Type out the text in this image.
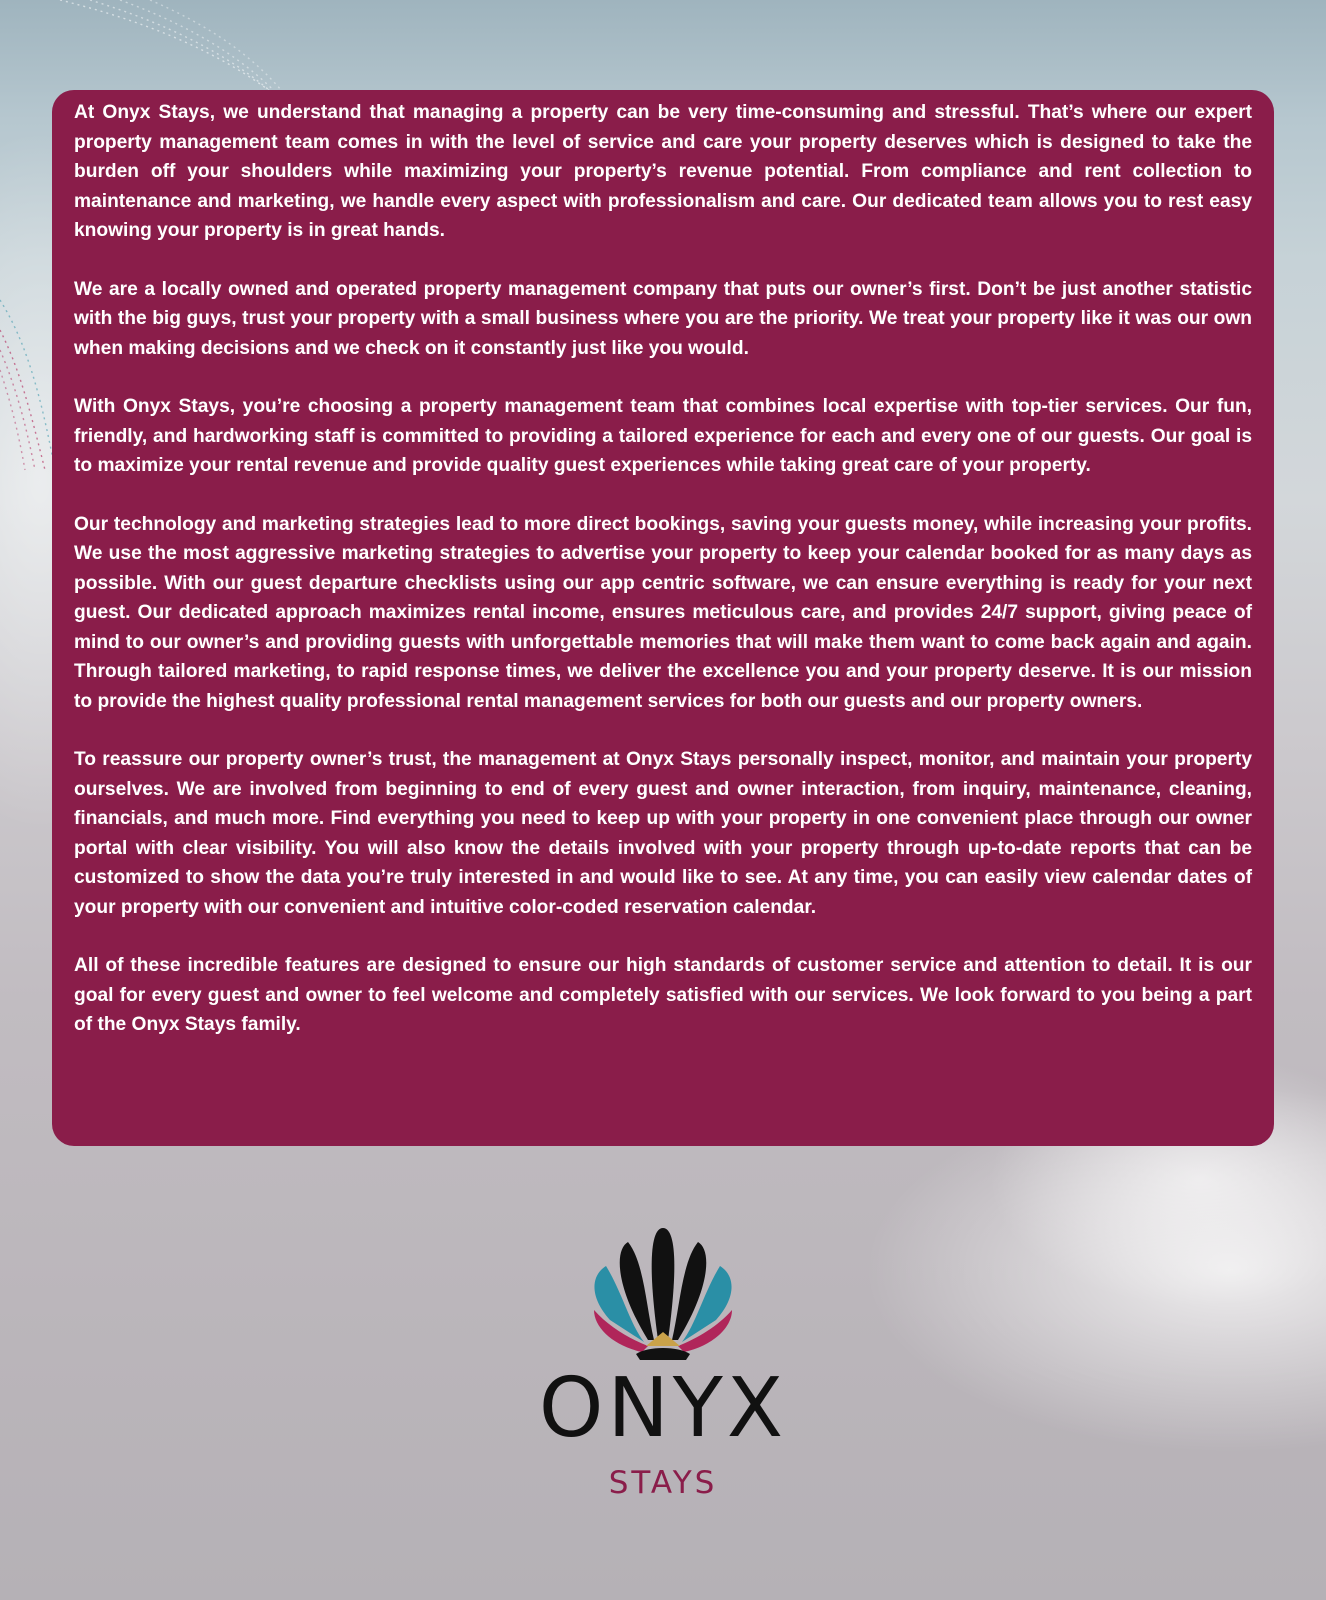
At Onyx Stays, we understand that managing a property can be very time-consuming and stressful. That’s where our expert property management team comes in with the level of service and care your property deserves which is designed to take the burden off your shoulders while maximizing your property’s revenue potential. From compliance and rent collection to maintenance and marketing, we handle every aspect with professionalism and care. Our dedicated team allows you to rest easy knowing your property is in great hands.

We are a locally owned and operated property management company that puts our owner’s first. Don’t be just another statistic with the big guys, trust your property with a small business where you are the priority. We treat your property like it was our own when making decisions and we check on it constantly just like you would.

With Onyx Stays, you’re choosing a property management team that combines local expertise with top-tier services. Our fun, friendly, and hardworking staff is committed to providing a tailored experience for each and every one of our guests. Our goal is to maximize your rental revenue and provide quality guest experiences while taking great care of your property.

Our technology and marketing strategies lead to more direct bookings, saving your guests money, while increasing your profits. We use the most aggressive marketing strategies to advertise your property to keep your calendar booked for as many days as possible. With our guest departure checklists using our app centric software, we can ensure everything is ready for your next guest. Our dedicated approach maximizes rental income, ensures meticulous care, and provides 24/7 support, giving peace of mind to our owner’s and providing guests with unforgettable memories that will make them want to come back again and again. Through tailored marketing, to rapid response times, we deliver the excellence you and your property deserve. It is our mission to provide the highest quality professional rental management services for both our guests and our property owners.

To reassure our property owner’s trust, the management at Onyx Stays personally inspect, monitor, and maintain your property ourselves. We are involved from beginning to end of every guest and owner interaction, from inquiry, maintenance, cleaning, financials, and much more. Find everything you need to keep up with your property in one convenient place through our owner portal with clear visibility. You will also know the details involved with your property through up-to-date reports that can be customized to show the data you’re truly interested in and would like to see. At any time, you can easily view calendar dates of your property with our convenient and intuitive color-coded reservation calendar.

All of these incredible features are designed to ensure our high standards of customer service and attention to detail. It is our goal for every guest and owner to feel welcome and completely satisfied with our services. We look forward to you being a part of the Onyx Stays family.

ONYX
STAYS
